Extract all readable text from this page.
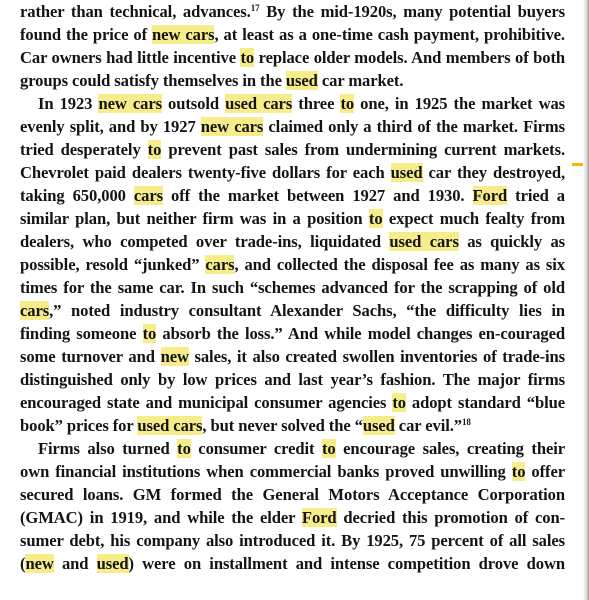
rather than technical, advances.$^{17}$ By the mid-1920s, many potential buyers
found the price of new cars, at least as a one-time cash payment, prohibitive.
Car owners had little incentive to replace older models. And members of both
groups could satisfy themselves in the used car market.
In 1923 new cars outsold used cars three to one, in 1925 the market was
evenly split, and by 1927 new cars claimed only a third of the market. Firms
tried desperately to prevent past sales from undermining current markets.
Chevrolet paid dealers twenty-five dollars for each used car they destroyed,
taking 650,000 cars off the market between 1927 and 1930. Ford tried a
similar plan, but neither firm was in a position to expect much fealty from
dealers, who competed over trade-ins, liquidated used cars as quickly as
possible, resold “junked” cars, and collected the disposal fee as many as six
times for the same car. In such “schemes advanced for the scrapping of old
cars,” noted industry consultant Alexander Sachs, “the difficulty lies in
finding someone to absorb the loss.” And while model changes en-couraged
some turnover and new sales, it also created swollen inventories of trade-ins
distinguished only by low prices and last year’s fashion. The major firms
encouraged state and municipal consumer agencies to adopt standard “blue
book” prices for used cars, but never solved the “used car evil.”$^{18}$
Firms also turned to consumer credit to encourage sales, creating their
own financial institutions when commercial banks proved unwilling to offer
secured loans. GM formed the General Motors Acceptance Corporation
(GMAC) in 1919, and while the elder Ford decried this promotion of con-
sumer debt, his company also introduced it. By 1925, 75 percent of all sales
(new and used) were on installment and intense competition drove down
